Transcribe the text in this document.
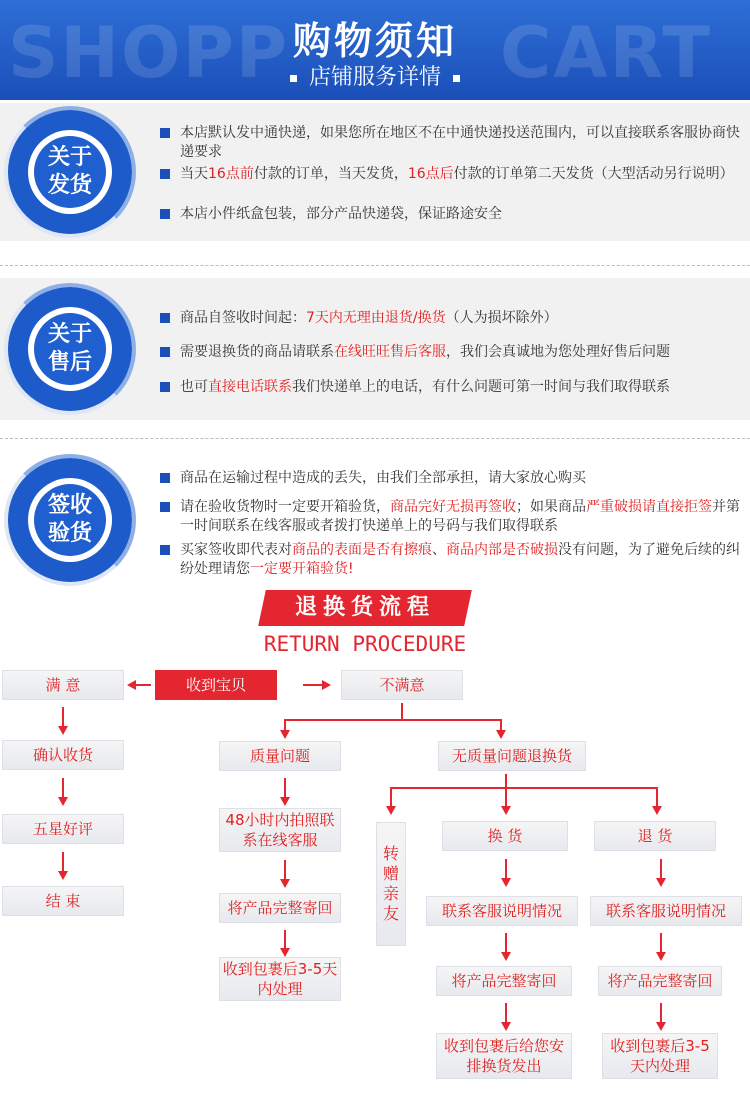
SHOPP	CART
购物须知
店铺服务详情
关于
发货
本店默认发中通快递，如果您所在地区不在中通快递投送范围内，可以直接联系客服协商快递要求
当天16点前付款的订单，当天发货，16点后付款的订单第二天发货（大型活动另行说明）
本店小件纸盒包装，部分产品快递袋，保证路途安全
关于
售后
商品自签收时间起：7天内无理由退货/换货（人为损坏除外）
需要退换货的商品请联系在线旺旺售后客服，我们会真诚地为您处理好售后问题
也可直接电话联系我们快递单上的电话，有什么问题可第一时间与我们取得联系
签收
验货
商品在运输过程中造成的丢失，由我们全部承担，请大家放心购买
请在验收货物时一定要开箱验货，商品完好无损再签收；如果商品严重破损请直接拒签并第一时间联系在线客服或者拨打快递单上的号码与我们取得联系
买家签收即代表对商品的表面是否有擦痕、商品内部是否破损没有问题，为了避免后续的纠纷处理请您一定要开箱验货!
退换货流程
RETURN PROCEDURE
满 意	收到宝贝	不满意
确认收货
五星好评
结 束
质量问题	无质量问题退换货
48小时内拍照联系在线客服
将产品完整寄回
收到包裹后3-5天内处理
转赠亲友
换 货	退 货
联系客服说明情况	联系客服说明情况
将产品完整寄回	将产品完整寄回
收到包裹后给您安排换货发出
收到包裹后3-5天内处理
